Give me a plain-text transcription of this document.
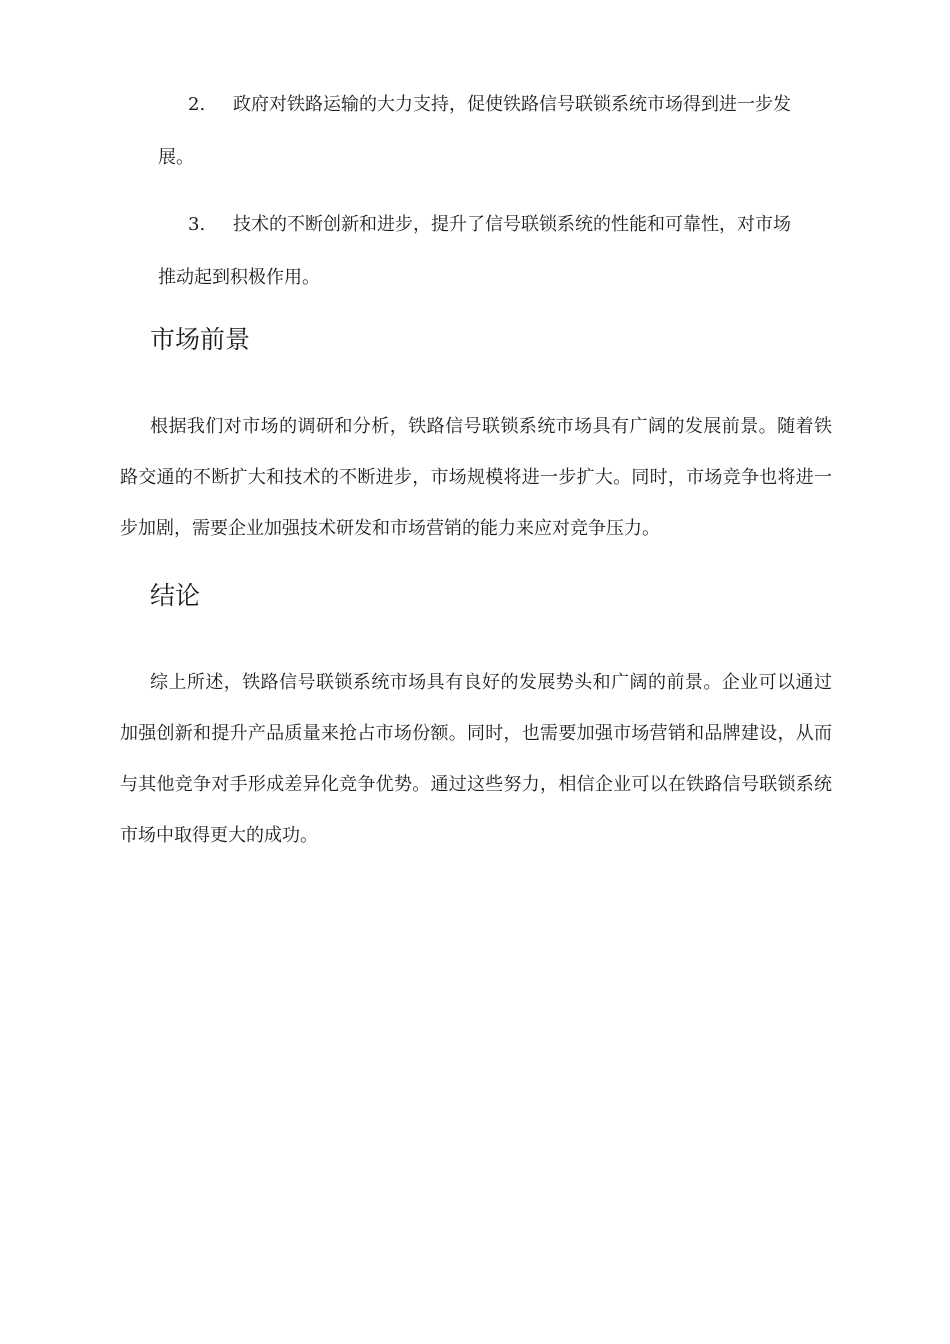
2. 政府对铁路运输的大力支持，促使铁路信号联锁系统市场得到进一步发
展。
3. 技术的不断创新和进步，提升了信号联锁系统的性能和可靠性，对市场
推动起到积极作用。
市场前景

根据我们对市场的调研和分析，铁路信号联锁系统市场具有广阔的发展前景。随着铁路交通的不断扩大和技术的不断进步，市场规模将进一步扩大。同时，市场竞争也将进一步加剧，需要企业加强技术研发和市场营销的能力来应对竞争压力。

结论

综上所述，铁路信号联锁系统市场具有良好的发展势头和广阔的前景。企业可以通过加强创新和提升产品质量来抢占市场份额。同时，也需要加强市场营销和品牌建设，从而与其他竞争对手形成差异化竞争优势。通过这些努力，相信企业可以在铁路信号联锁系统市场中取得更大的成功。
